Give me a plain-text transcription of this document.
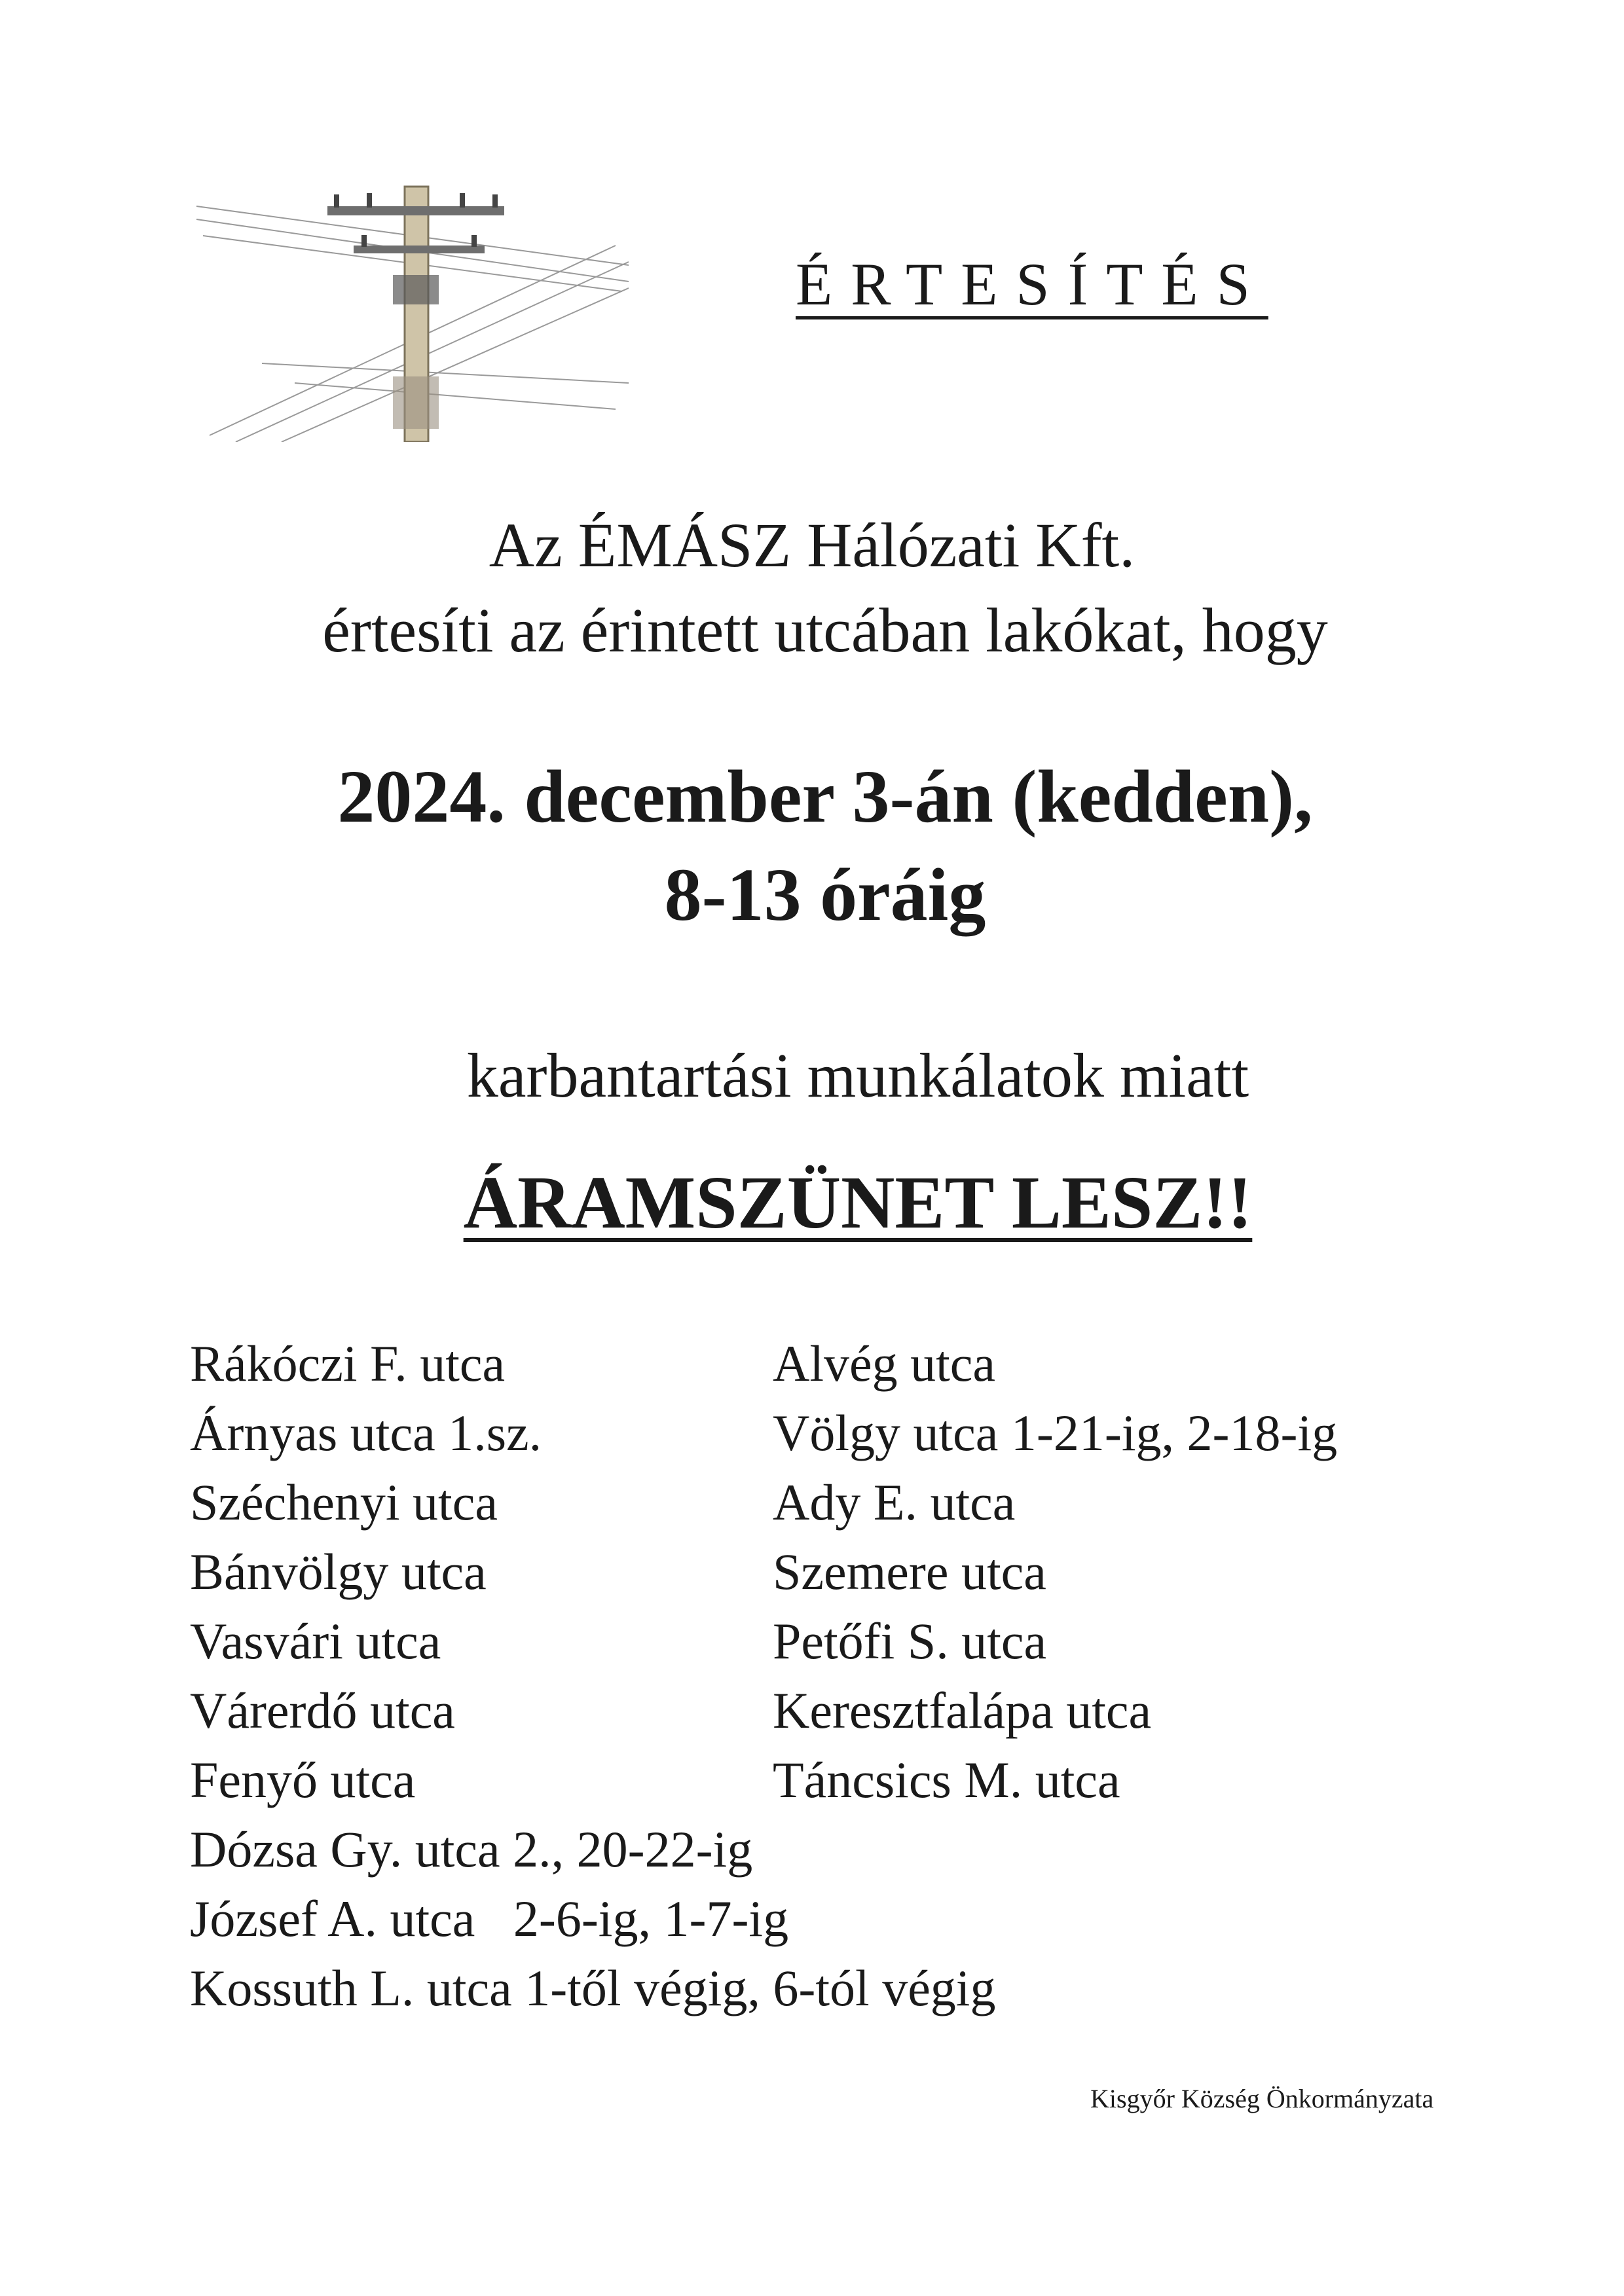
ÉRTESÍTÉS
Az ÉMÁSZ Hálózati Kft.
értesíti az érintett utcában lakókat, hogy
2024. december 3-án (kedden),
8-13 óráig
karbantartási munkálatok miatt
ÁRAMSZÜNET LESZ!!
Rákóczi F. utca	Alvég utca
Árnyas utca 1.sz.	Völgy utca 1-21-ig, 2-18-ig
Széchenyi utca	Ady E. utca
Bánvölgy utca	Szemere utca
Vasvári utca	Petőfi S. utca
Várerdő utca	Keresztfalápa utca
Fenyő utca	Táncsics M. utca
Dózsa Gy. utca 2., 20-22-ig
József A. utca   2-6-ig, 1-7-ig
Kossuth L. utca 1-től végig, 6-tól végig
Kisgyőr Község Önkormányzata
